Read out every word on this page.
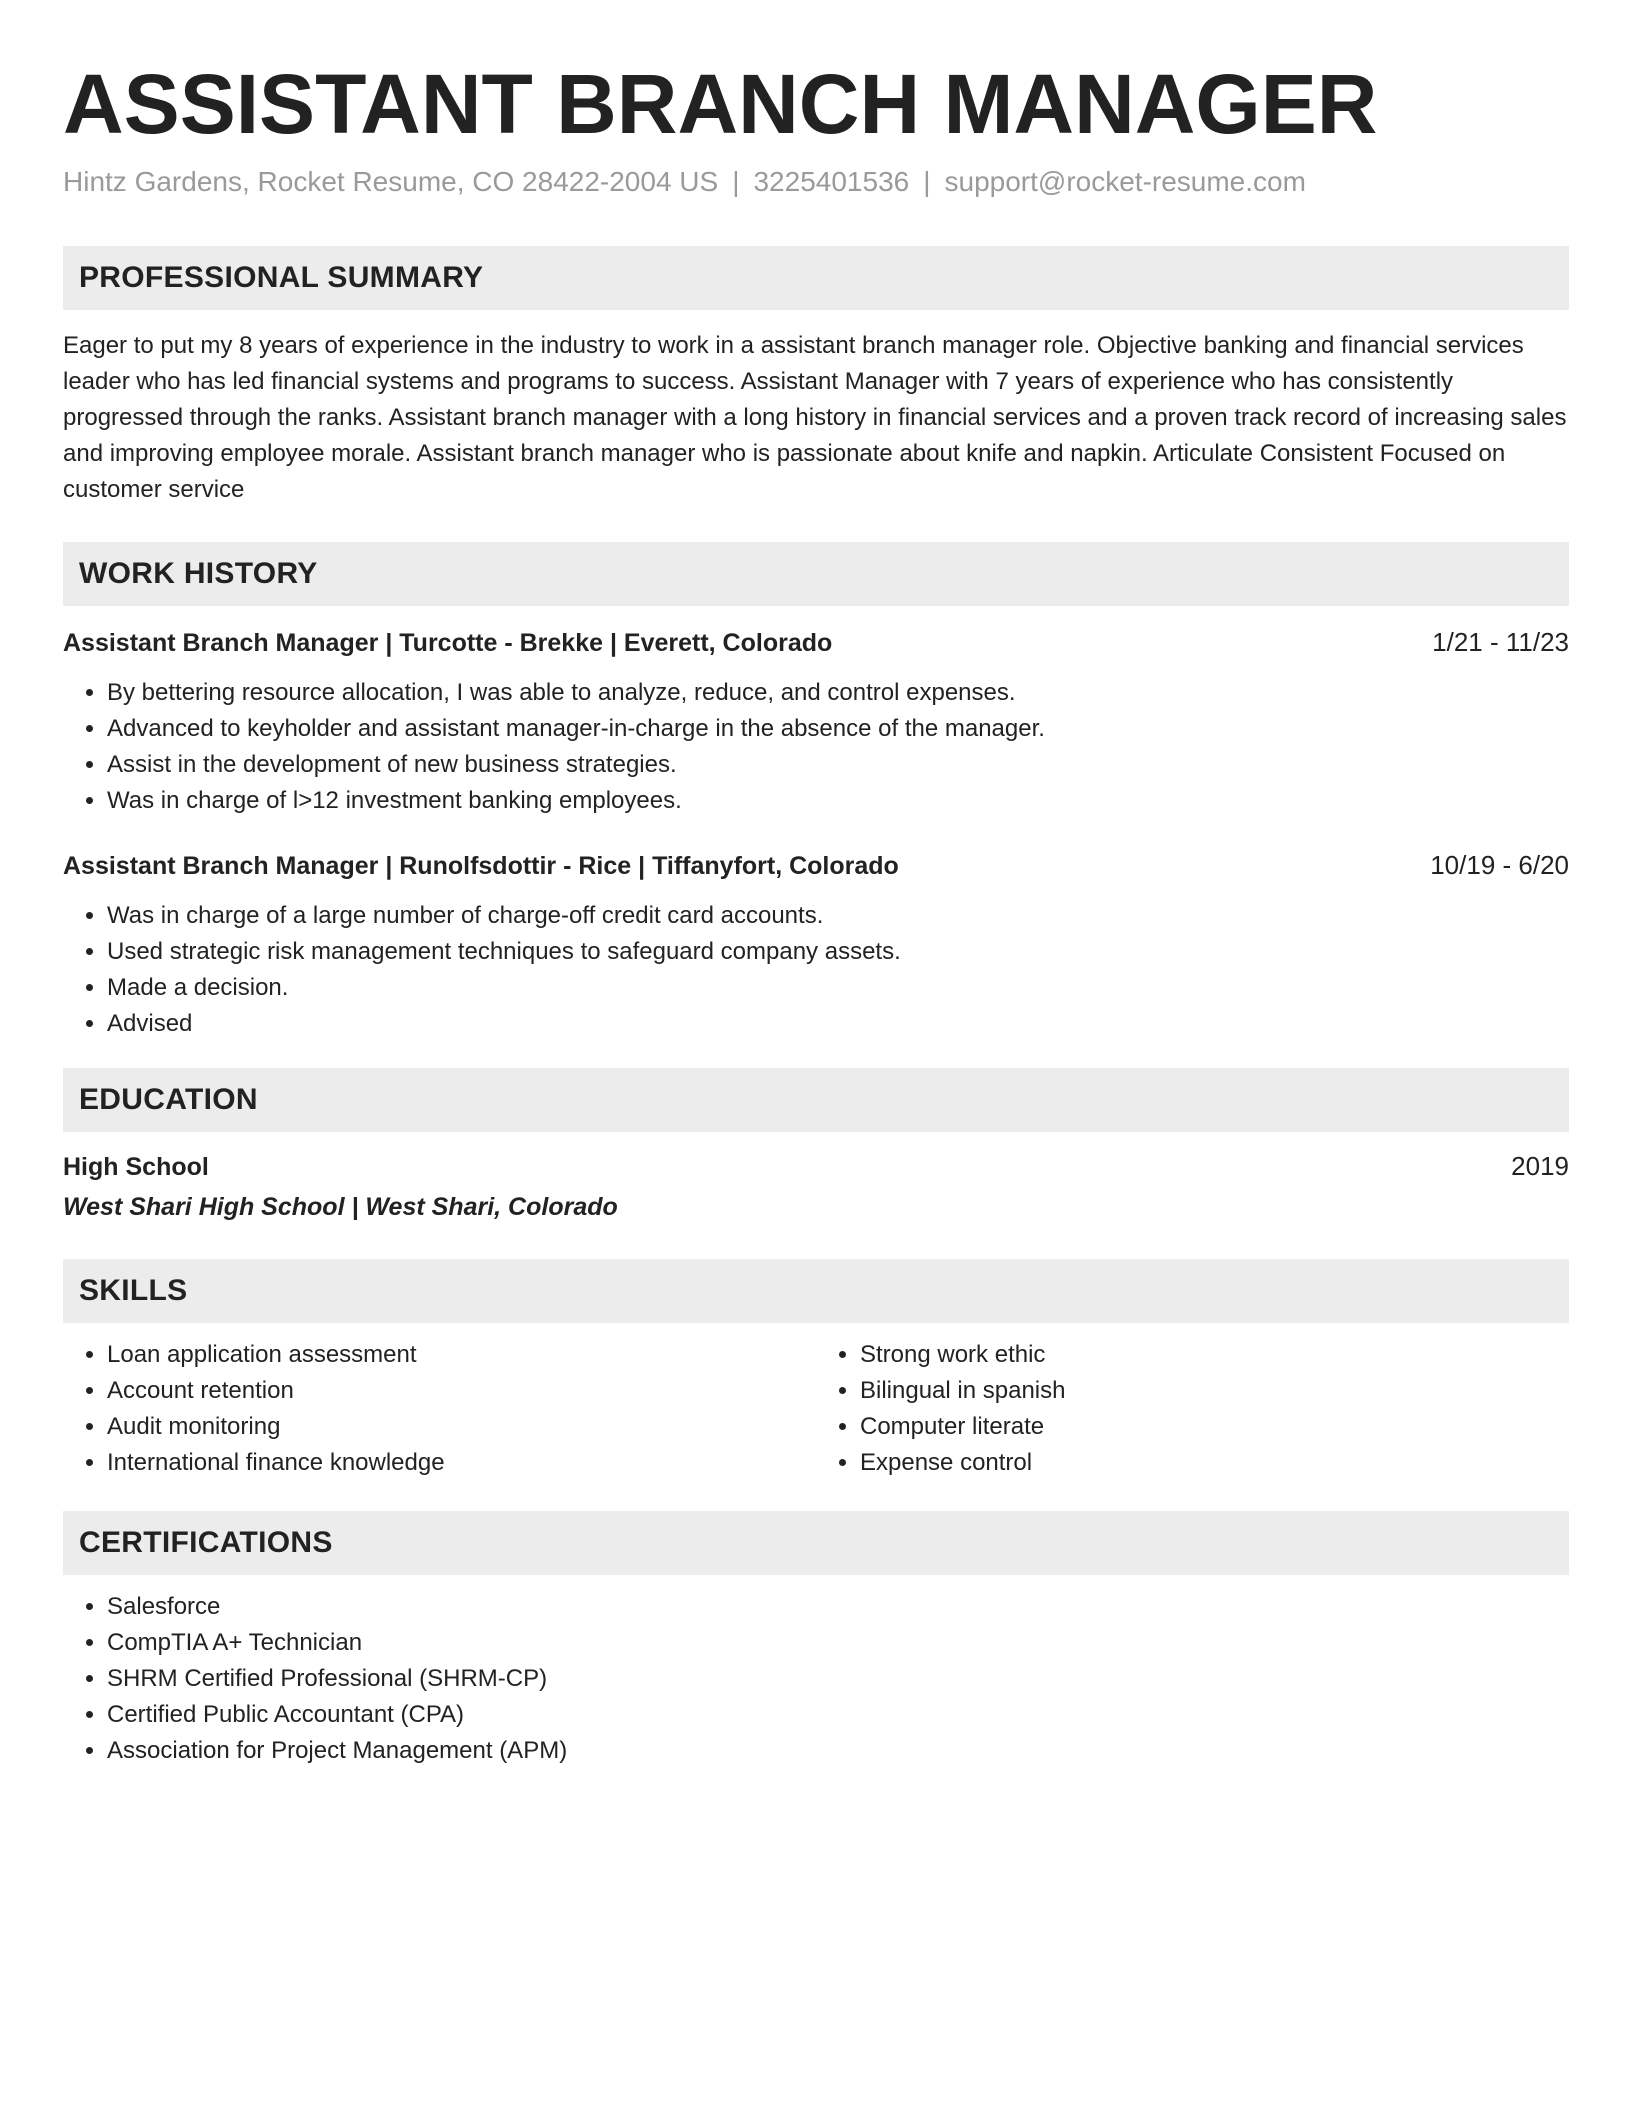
ASSISTANT BRANCH MANAGER
Hintz Gardens, Rocket Resume, CO 28422-2004 US | 3225401536 | support@rocket-resume.com
PROFESSIONAL SUMMARY
Eager to put my 8 years of experience in the industry to work in a assistant branch manager role. Objective banking and financial services leader who has led financial systems and programs to success. Assistant Manager with 7 years of experience who has consistently progressed through the ranks. Assistant branch manager with a long history in financial services and a proven track record of increasing sales and improving employee morale. Assistant branch manager who is passionate about knife and napkin. Articulate Consistent Focused on customer service
WORK HISTORY
Assistant Branch Manager | Turcotte - Brekke | Everett, Colorado	1/21 - 11/23
• By bettering resource allocation, I was able to analyze, reduce, and control expenses.
• Advanced to keyholder and assistant manager-in-charge in the absence of the manager.
• Assist in the development of new business strategies.
• Was in charge of l>12 investment banking employees.
Assistant Branch Manager | Runolfsdottir - Rice | Tiffanyfort, Colorado	10/19 - 6/20
• Was in charge of a large number of charge-off credit card accounts.
• Used strategic risk management techniques to safeguard company assets.
• Made a decision.
• Advised
EDUCATION
High School	2019
West Shari High School | West Shari, Colorado
SKILLS
• Loan application assessment
• Account retention
• Audit monitoring
• International finance knowledge
• Strong work ethic
• Bilingual in spanish
• Computer literate
• Expense control
CERTIFICATIONS
• Salesforce
• CompTIA A+ Technician
• SHRM Certified Professional (SHRM-CP)
• Certified Public Accountant (CPA)
• Association for Project Management (APM)
